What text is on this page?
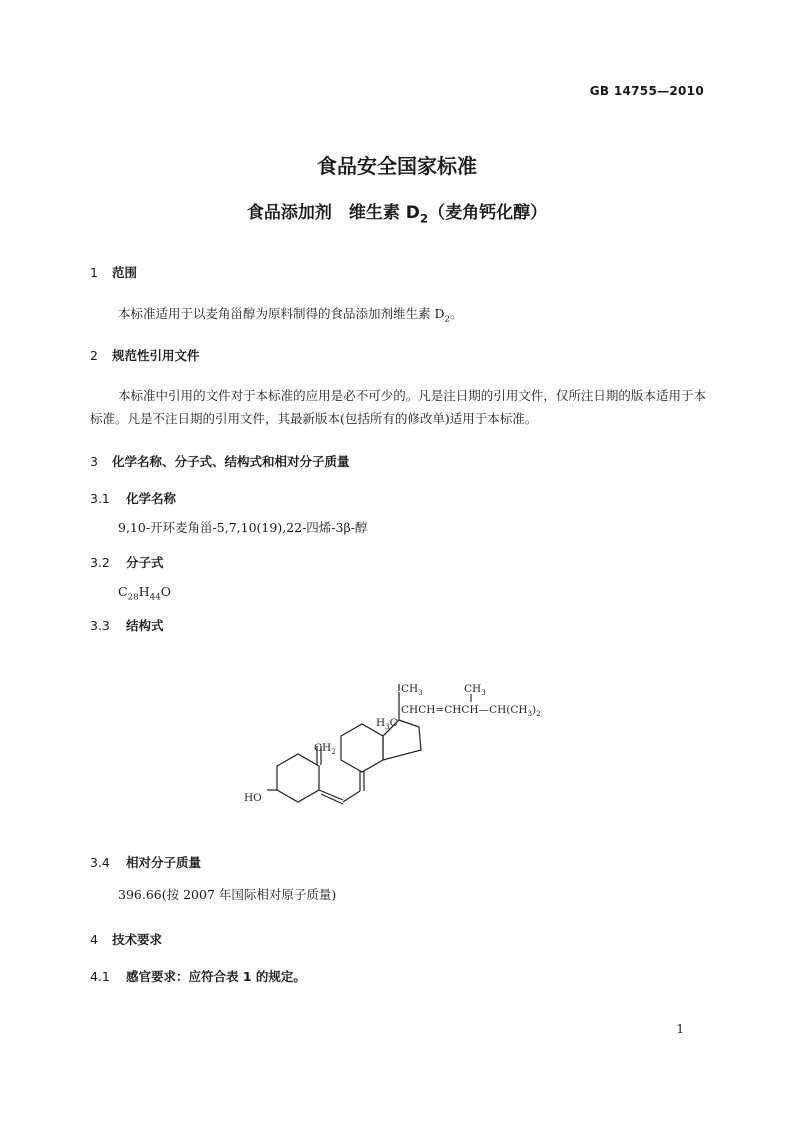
GB 14755—2010
食品安全国家标准
食品添加剂　维生素 $D_2$（麦角钙化醇）
1 范围
本标准适用于以麦角甾醇为原料制得的食品添加剂维生素 $D_2$。
2 规范性引用文件
本标准中引用的文件对于本标准的应用是必不可少的。凡是注日期的引用文件，仅所注日期的版本适用于本标准。凡是不注日期的引用文件，其最新版本(包括所有的修改单)适用于本标准。
3 化学名称、分子式、结构式和相对分子质量
3.1 化学名称
9,10-开环麦角甾-5,7,10(19),22-四烯-3β-醇
3.2 分子式
$C_{28}H_{44}O$
3.3 结构式
$CH_3$	$CH_3$
$CHCH=CHCH—CH(CH_3)_2$
$H_3C$
$CH_2$
HO
3.4 相对分子质量
396.66(按 2007 年国际相对原子质量)
4 技术要求
4.1 感官要求：应符合表 1 的规定。
1
